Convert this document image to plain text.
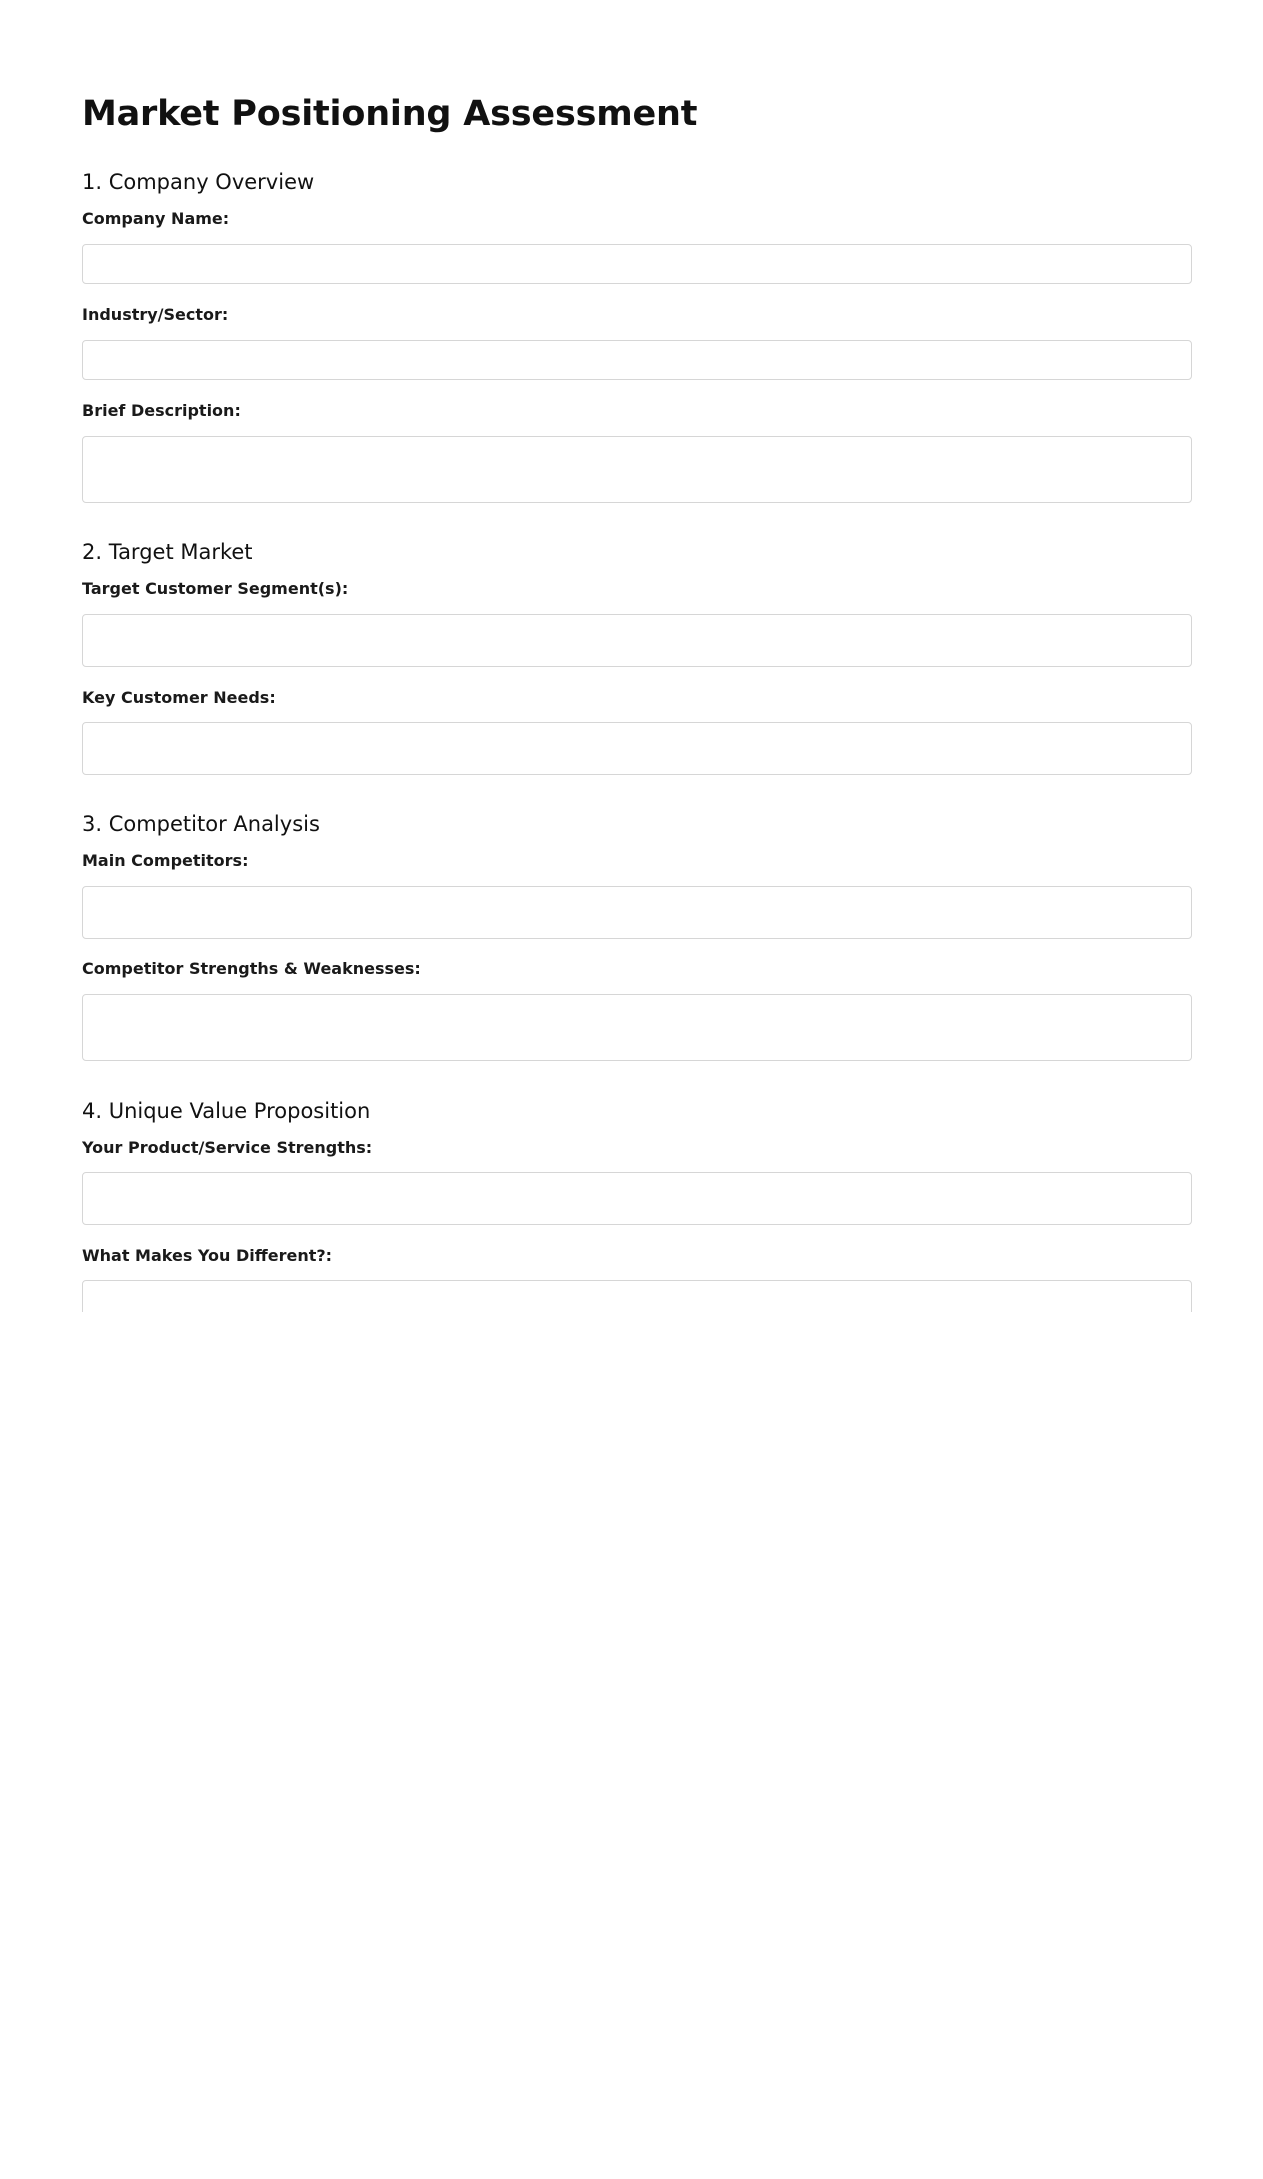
Market Positioning Assessment
1. Company Overview
Company Name:
Industry/Sector:
Brief Description:
2. Target Market
Target Customer Segment(s):
Key Customer Needs:
3. Competitor Analysis
Main Competitors:
Competitor Strengths & Weaknesses:
4. Unique Value Proposition
Your Product/Service Strengths:
What Makes You Different?:
